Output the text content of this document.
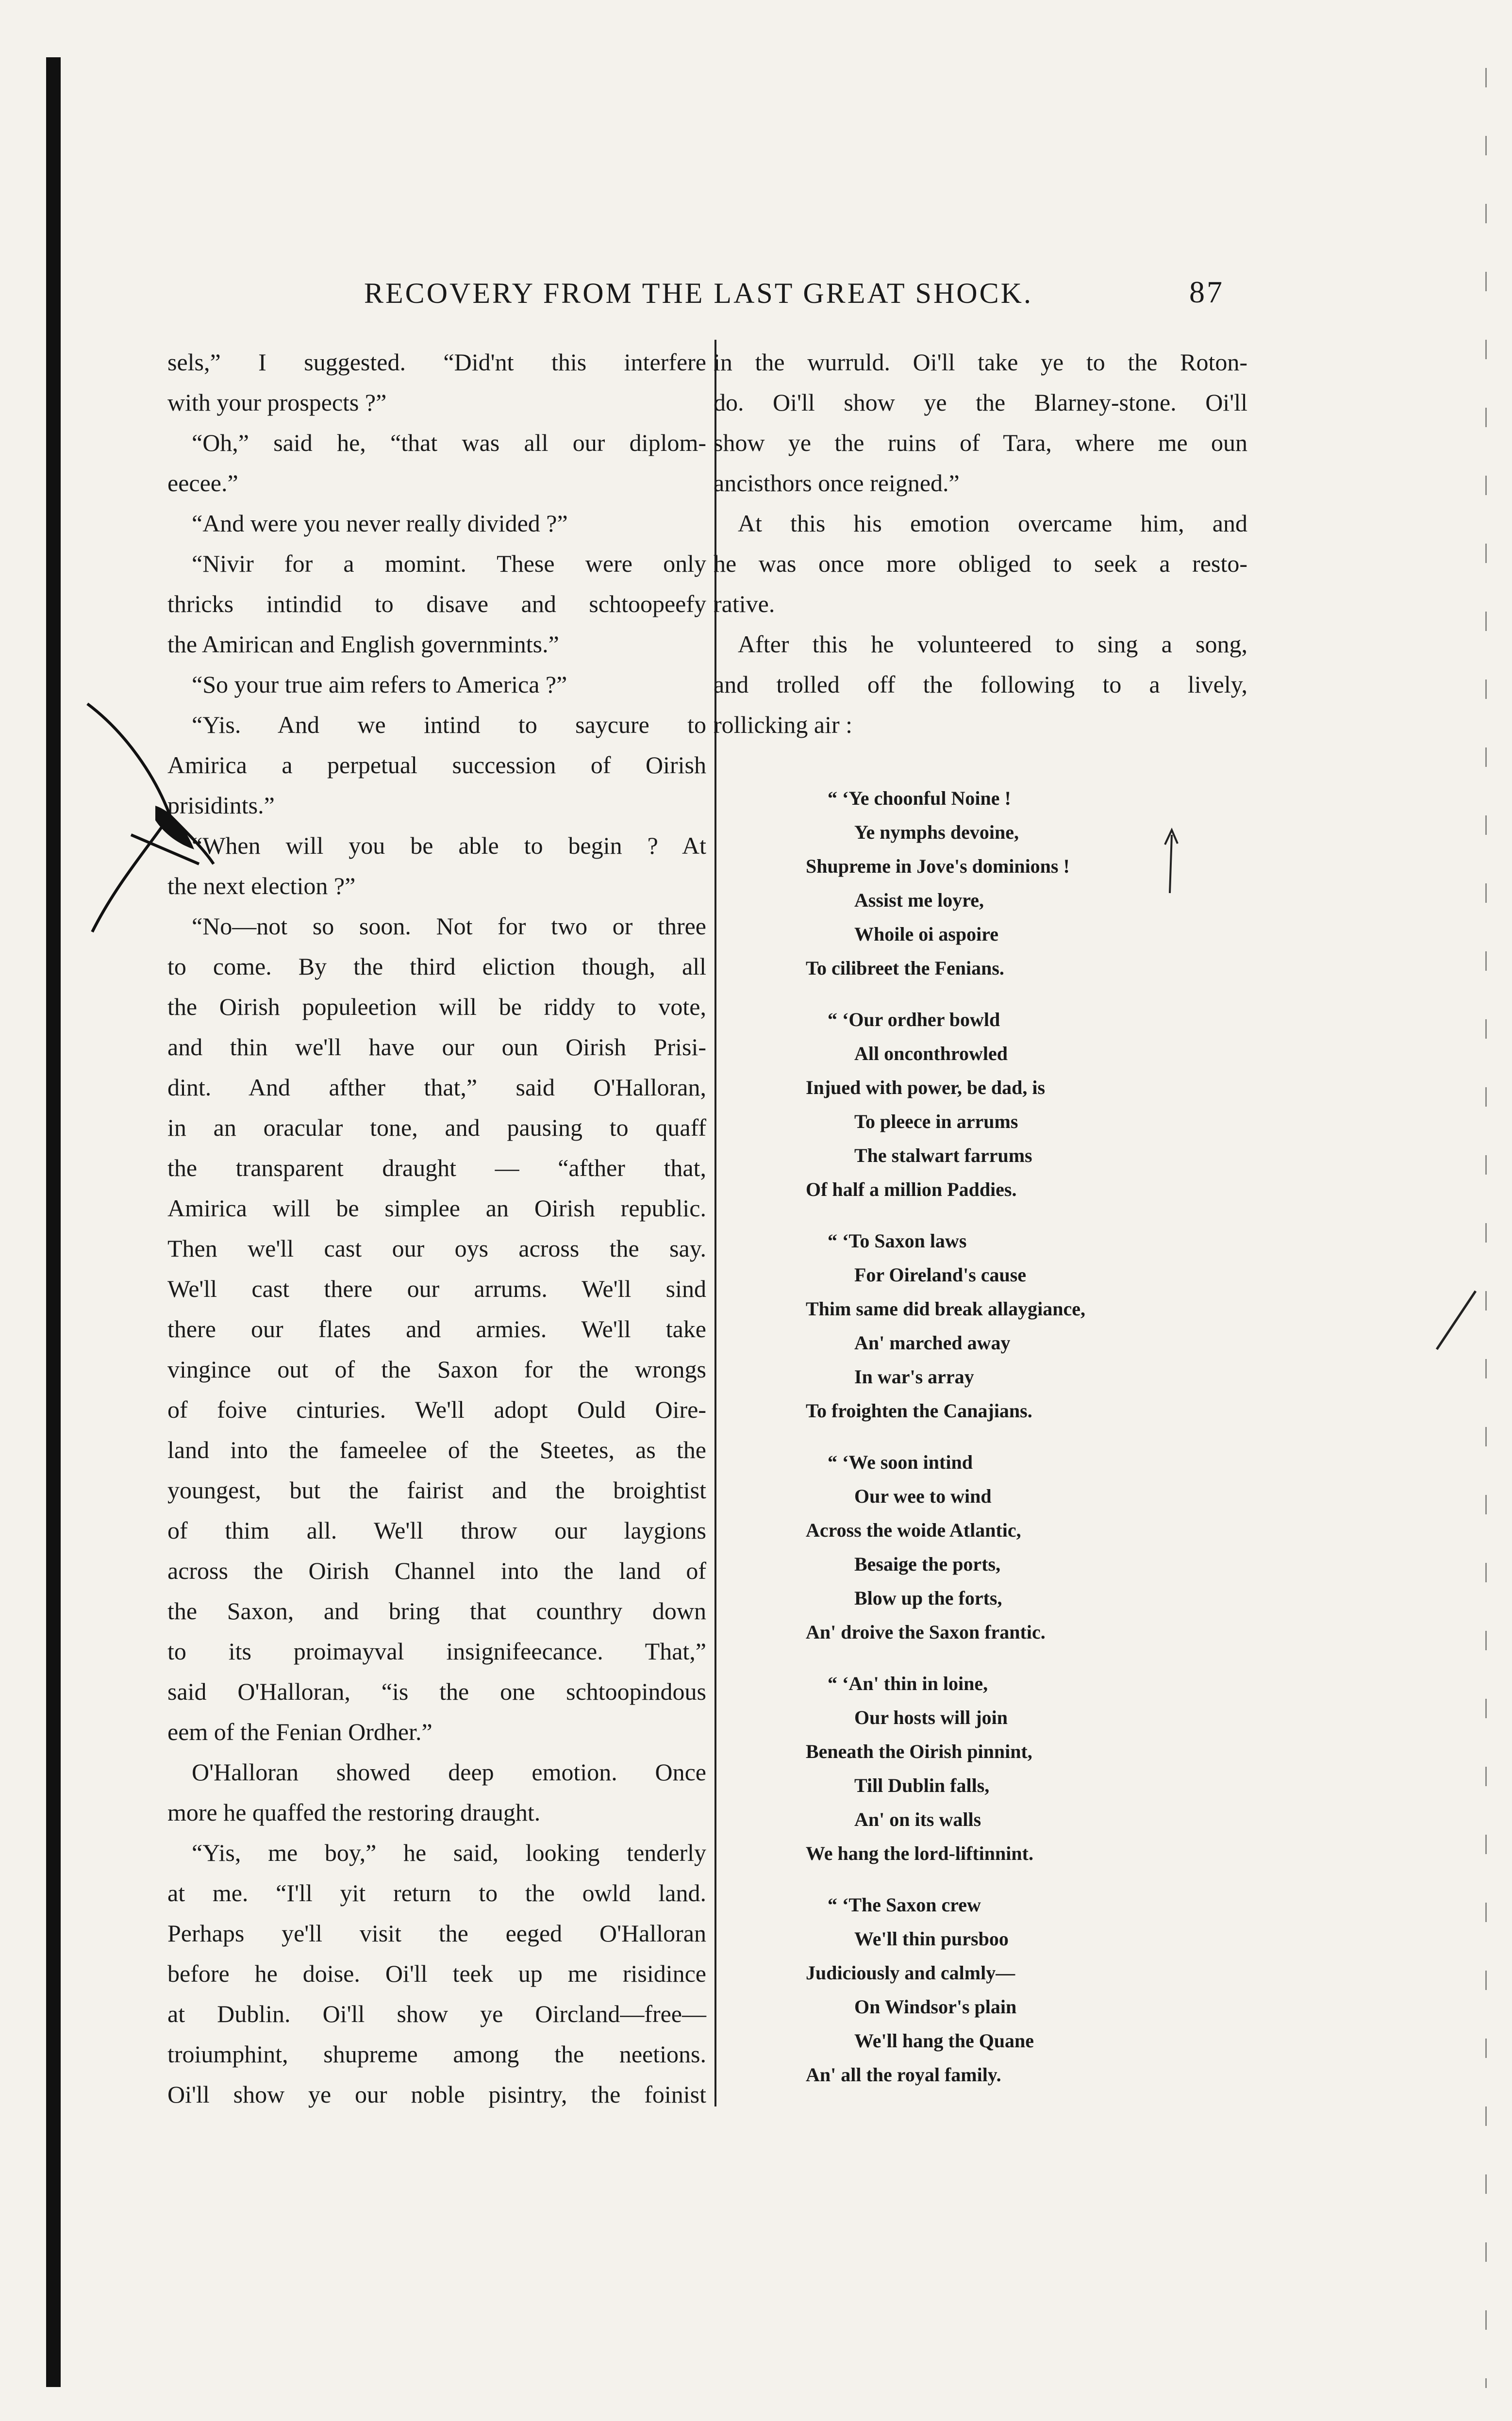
RECOVERY FROM THE LAST GREAT SHOCK.	87
sels,” I suggested. “Did'nt this interfere
with your prospects ?”
“Oh,” said he, “that was all our diplom-
eecee.”
“And were you never really divided ?”
“Nivir for a momint. These were only
thricks intindid to disave and schtoopeefy
the Amirican and English governmints.”
“So your true aim refers to America ?”
“Yis. And we intind to saycure to
Amirica a perpetual succession of Oirish
prisidints.”
“When will you be able to begin ? At
the next election ?”
“No—not so soon. Not for two or three
to come. By the third eliction though, all
the Oirish populeetion will be riddy to vote,
and thin we'll have our oun Oirish Prisi-
dint. And afther that,” said O'Halloran,
in an oracular tone, and pausing to quaff
the transparent draught — “afther that,
Amirica will be simplee an Oirish republic.
Then we'll cast our oys across the say.
We'll cast there our arrums. We'll sind
there our flates and armies. We'll take
vingince out of the Saxon for the wrongs
of foive cinturies. We'll adopt Ould Oire-
land into the fameelee of the Steetes, as the
youngest, but the fairist and the broightist
of thim all. We'll throw our laygions
across the Oirish Channel into the land of
the Saxon, and bring that counthry down
to its proimayval insignifeecance. That,”
said O'Halloran, “is the one schtoopindous
eem of the Fenian Ordher.”
O'Halloran showed deep emotion. Once
more he quaffed the restoring draught.
“Yis, me boy,” he said, looking tenderly
at me. “I'll yit return to the owld land.
Perhaps ye'll visit the eeged O'Halloran
before he doise. Oi'll teek up me risidince
at Dublin. Oi'll show ye Oircland—free—
troiumphint, shupreme among the neetions.
Oi'll show ye our noble pisintry, the foinist
in the wurruld. Oi'll take ye to the Roton-
do. Oi'll show ye the Blarney-stone. Oi'll
show ye the ruins of Tara, where me oun
ancisthors once reigned.”
At this his emotion overcame him, and
he was once more obliged to seek a resto-
rative.
After this he volunteered to sing a song,
and trolled off the following to a lively,
rollicking air :
“ ‘Ye choonful Noine !
Ye nymphs devoine,
Shupreme in Jove's dominions !
Assist me loyre,
Whoile oi aspoire
To cilibreet the Fenians.
“ ‘Our ordher bowld
All onconthrowled
Injued with power, be dad, is
To pleece in arrums
The stalwart farrums
Of half a million Paddies.
“ ‘To Saxon laws
For Oireland's cause
Thim same did break allaygiance,
An' marched away
In war's array
To froighten the Canajians.
“ ‘We soon intind
Our wee to wind
Across the woide Atlantic,
Besaige the ports,
Blow up the forts,
An' droive the Saxon frantic.
“ ‘An' thin in loine,
Our hosts will join
Beneath the Oirish pinnint,
Till Dublin falls,
An' on its walls
We hang the lord-liftinnint.
“ ‘The Saxon crew
We'll thin pursboo
Judiciously and calmly—
On Windsor's plain
We'll hang the Quane
An' all the royal family.
